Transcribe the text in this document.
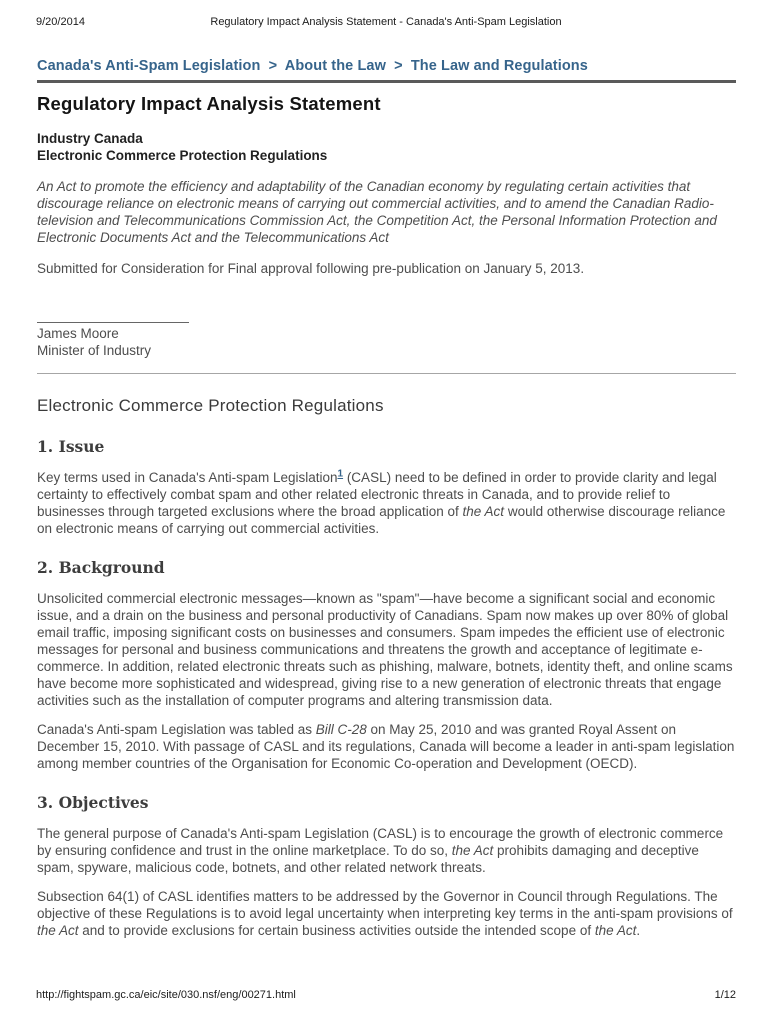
9/20/2014	Regulatory Impact Analysis Statement - Canada's Anti-Spam Legislation
Canada's Anti-Spam Legislation > About the Law > The Law and Regulations
Regulatory Impact Analysis Statement
Industry Canada
Electronic Commerce Protection Regulations

An Act to promote the efficiency and adaptability of the Canadian economy by regulating certain activities that discourage reliance on electronic means of carrying out commercial activities, and to amend the Canadian Radio-television and Telecommunications Commission Act, the Competition Act, the Personal Information Protection and Electronic Documents Act and the Telecommunications Act

Submitted for Consideration for Final approval following pre-publication on January 5, 2013.

James Moore
Minister of Industry
Electronic Commerce Protection Regulations
1. Issue

Key terms used in Canada's Anti-spam Legislation$^1$ (CASL) need to be defined in order to provide clarity and legal certainty to effectively combat spam and other related electronic threats in Canada, and to provide relief to businesses through targeted exclusions where the broad application of the Act would otherwise discourage reliance on electronic means of carrying out commercial activities.

2. Background

Unsolicited commercial electronic messages—known as "spam"—have become a significant social and economic issue, and a drain on the business and personal productivity of Canadians. Spam now makes up over 80% of global email traffic, imposing significant costs on businesses and consumers. Spam impedes the efficient use of electronic messages for personal and business communications and threatens the growth and acceptance of legitimate e-commerce. In addition, related electronic threats such as phishing, malware, botnets, identity theft, and online scams have become more sophisticated and widespread, giving rise to a new generation of electronic threats that engage activities such as the installation of computer programs and altering transmission data.

Canada's Anti-spam Legislation was tabled as Bill C-28 on May 25, 2010 and was granted Royal Assent on December 15, 2010. With passage of CASL and its regulations, Canada will become a leader in anti-spam legislation among member countries of the Organisation for Economic Co-operation and Development (OECD).

3. Objectives

The general purpose of Canada's Anti-spam Legislation (CASL) is to encourage the growth of electronic commerce by ensuring confidence and trust in the online marketplace. To do so, the Act prohibits damaging and deceptive spam, spyware, malicious code, botnets, and other related network threats.

Subsection 64(1) of CASL identifies matters to be addressed by the Governor in Council through Regulations. The objective of these Regulations is to avoid legal uncertainty when interpreting key terms in the anti-spam provisions of the Act and to provide exclusions for certain business activities outside the intended scope of the Act.

http://fightspam.gc.ca/eic/site/030.nsf/eng/00271.html	1/12
